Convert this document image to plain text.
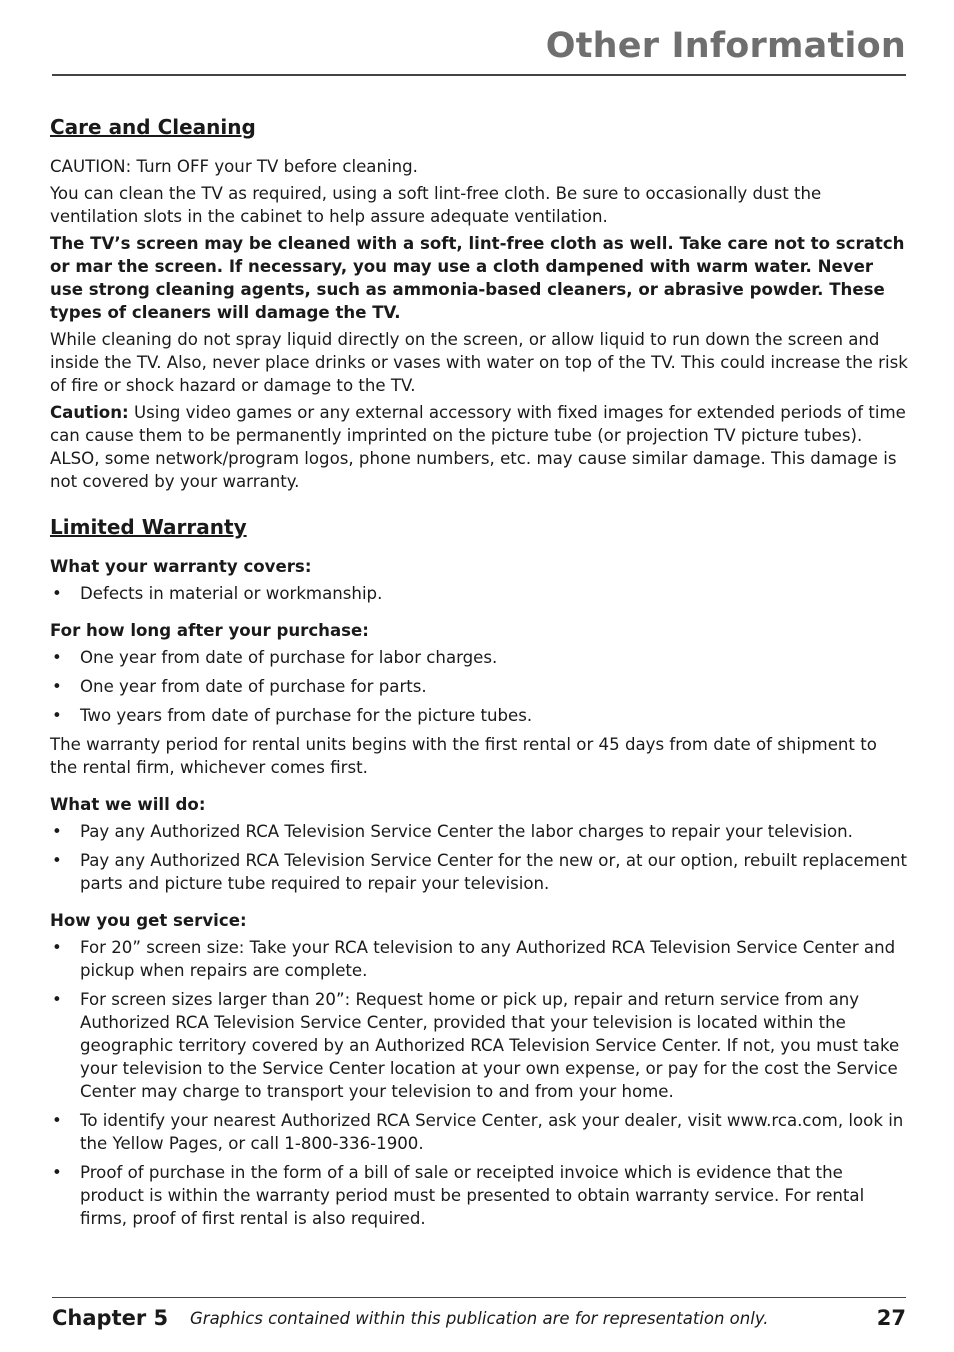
Other Information
Care and Cleaning

CAUTION: Turn OFF your TV before cleaning.

You can clean the TV as required, using a soft lint-free cloth. Be sure to occasionally dust the ventilation slots in the cabinet to help assure adequate ventilation.

The TV’s screen may be cleaned with a soft, lint-free cloth as well. Take care not to scratch or mar the screen. If necessary, you may use a cloth dampened with warm water. Never use strong cleaning agents, such as ammonia-based cleaners, or abrasive powder. These types of cleaners will damage the TV.

While cleaning do not spray liquid directly on the screen, or allow liquid to run down the screen and inside the TV. Also, never place drinks or vases with water on top of the TV. This could increase the risk of fire or shock hazard or damage to the TV.

Caution: Using video games or any external accessory with fixed images for extended periods of time can cause them to be permanently imprinted on the picture tube (or projection TV picture tubes). ALSO, some network/program logos, phone numbers, etc. may cause similar damage. This damage is not covered by your warranty.

Limited Warranty

What your warranty covers:

• Defects in material or workmanship.

For how long after your purchase:

• One year from date of purchase for labor charges.
• One year from date of purchase for parts.
• Two years from date of purchase for the picture tubes.

The warranty period for rental units begins with the first rental or 45 days from date of shipment to the rental firm, whichever comes first.

What we will do:

• Pay any Authorized RCA Television Service Center the labor charges to repair your television.
• Pay any Authorized RCA Television Service Center for the new or, at our option, rebuilt replacement parts and picture tube required to repair your television.

How you get service:

• For 20” screen size: Take your RCA television to any Authorized RCA Television Service Center and pickup when repairs are complete.
• For screen sizes larger than 20”: Request home or pick up, repair and return service from any Authorized RCA Television Service Center, provided that your television is located within the geographic territory covered by an Authorized RCA Television Service Center. If not, you must take your television to the Service Center location at your own expense, or pay for the cost the Service Center may charge to transport your television to and from your home.
• To identify your nearest Authorized RCA Service Center, ask your dealer, visit www.rca.com, look in the Yellow Pages, or call 1-800-336-1900.
• Proof of purchase in the form of a bill of sale or receipted invoice which is evidence that the product is within the warranty period must be presented to obtain warranty service. For rental firms, proof of first rental is also required.
Chapter 5 Graphics contained within this publication are for representation only.	27
